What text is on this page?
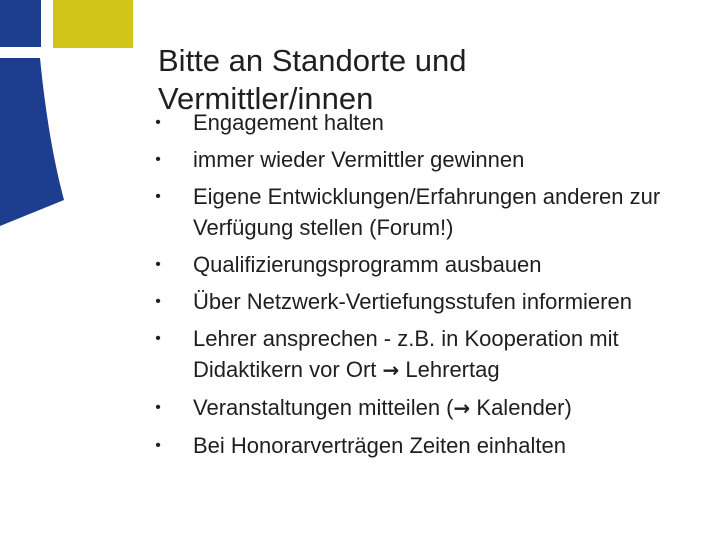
Bitte an Standorte und Vermittler/innen
• Engagement halten
• immer wieder Vermittler gewinnen
• Eigene Entwicklungen/Erfahrungen anderen zur Verfügung stellen (Forum!)
• Qualifizierungsprogramm ausbauen
• Über Netzwerk-Vertiefungsstufen informieren
• Lehrer ansprechen - z.B. in Kooperation mit Didaktikern vor Ort → Lehrertag
• Veranstaltungen mitteilen (→ Kalender)
• Bei Honorarverträgen Zeiten einhalten
